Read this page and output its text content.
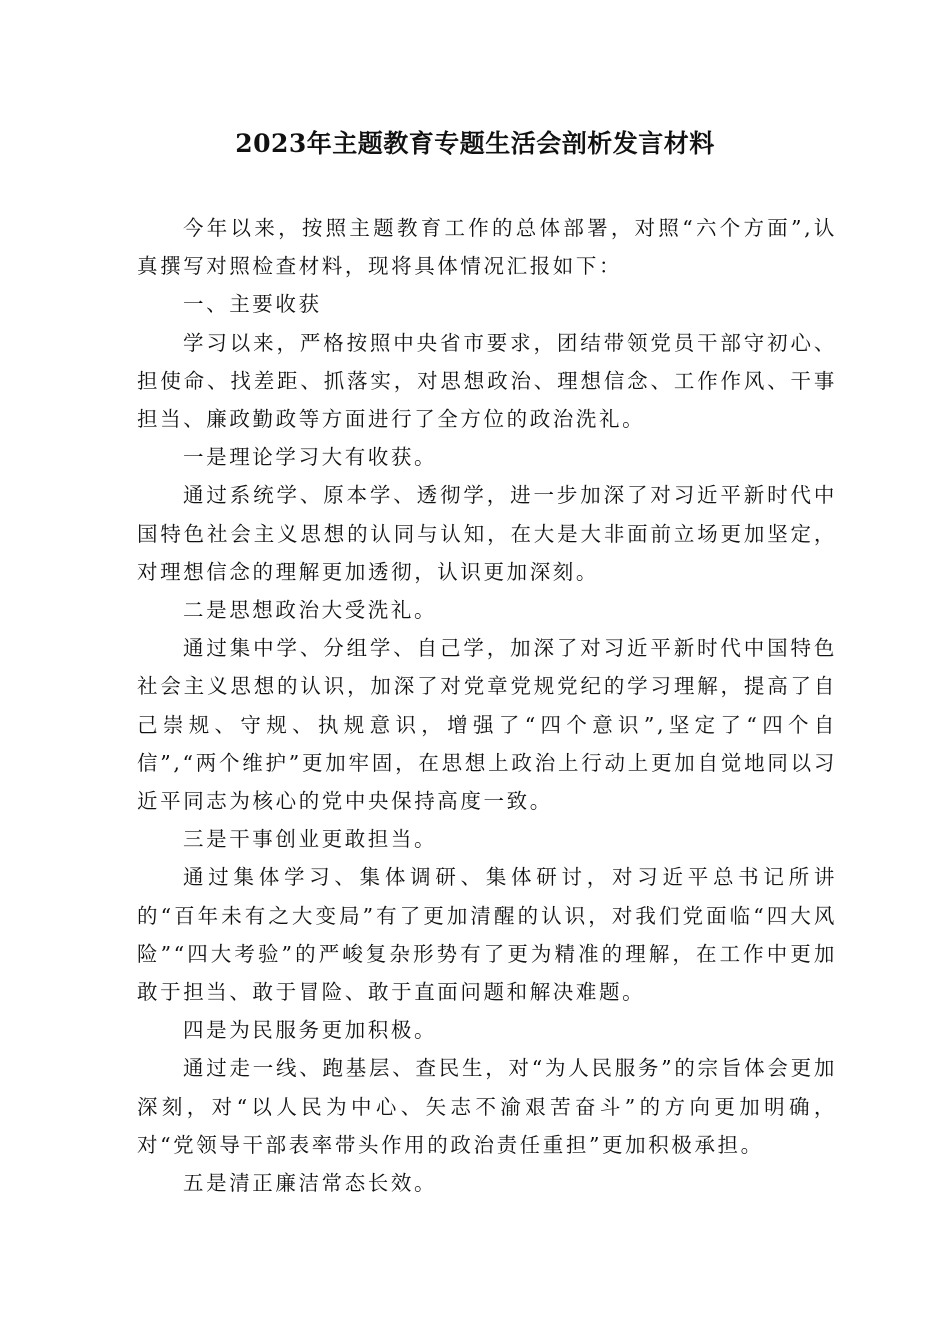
2023年主题教育专题生活会剖析发言材料

今年以来，按照主题教育工作的总体部署，对照“六个方面”,认真撰写对照检查材料，现将具体情况汇报如下：

一、主要收获

学习以来，严格按照中央省市要求，团结带领党员干部守初心、担使命、找差距、抓落实，对思想政治、理想信念、工作作风、干事担当、廉政勤政等方面进行了全方位的政治洗礼。

一是理论学习大有收获。

通过系统学、原本学、透彻学，进一步加深了对习近平新时代中国特色社会主义思想的认同与认知，在大是大非面前立场更加坚定，对理想信念的理解更加透彻，认识更加深刻。

二是思想政治大受洗礼。

通过集中学、分组学、自己学，加深了对习近平新时代中国特色社会主义思想的认识，加深了对党章党规党纪的学习理解，提高了自己崇规、守规、执规意识，增强了“四个意识”,坚定了“四个自信”,“两个维护”更加牢固，在思想上政治上行动上更加自觉地同以习近平同志为核心的党中央保持高度一致。

三是干事创业更敢担当。

通过集体学习、集体调研、集体研讨，对习近平总书记所讲的“百年未有之大变局”有了更加清醒的认识，对我们党面临“四大风险”“四大考验”的严峻复杂形势有了更为精准的理解，在工作中更加敢于担当、敢于冒险、敢于直面问题和解决难题。

四是为民服务更加积极。

通过走一线、跑基层、查民生，对“为人民服务”的宗旨体会更加深刻，对“以人民为中心、矢志不渝艰苦奋斗”的方向更加明确，对“党领导干部表率带头作用的政治责任重担”更加积极承担。

五是清正廉洁常态长效。
